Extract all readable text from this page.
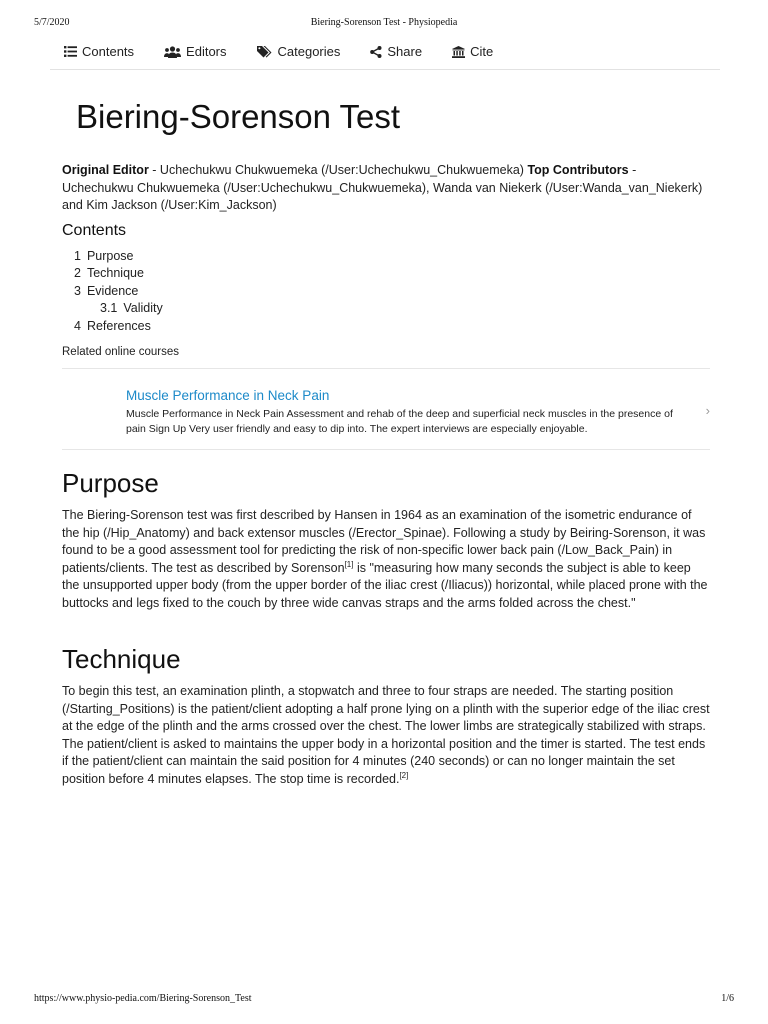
5/7/2020	Biering-Sorenson Test - Physiopedia
Contents	Editors	Categories	Share	Cite
Biering-Sorenson Test
Original Editor - Uchechukwu Chukwuemeka (/User:Uchechukwu_Chukwuemeka) Top Contributors - Uchechukwu Chukwuemeka (/User:Uchechukwu_Chukwuemeka), Wanda van Niekerk (/User:Wanda_van_Niekerk) and Kim Jackson (/User:Kim_Jackson)
Contents
1 Purpose
2 Technique
3 Evidence
3.1 Validity
4 References
Related online courses
Muscle Performance in Neck Pain
Muscle Performance in Neck Pain Assessment and rehab of the deep and superficial neck muscles in the presence of pain Sign Up Very user friendly and easy to dip into. The expert interviews are especially enjoyable.
›
Purpose
The Biering-Sorenson test was first described by Hansen in 1964 as an examination of the isometric endurance of the hip (/Hip_Anatomy) and back extensor muscles (/Erector_Spinae). Following a study by Beiring-Sorenson, it was found to be a good assessment tool for predicting the risk of non-specific lower back pain (/Low_Back_Pain) in patients/clients. The test as described by Sorenson[1] is "measuring how many seconds the subject is able to keep the unsupported upper body (from the upper border of the iliac crest (/Iliacus)) horizontal, while placed prone with the buttocks and legs fixed to the couch by three wide canvas straps and the arms folded across the chest."
Technique
To begin this test, an examination plinth, a stopwatch and three to four straps are needed. The starting position (/Starting_Positions) is the patient/client adopting a half prone lying on a plinth with the superior edge of the iliac crest at the edge of the plinth and the arms crossed over the chest. The lower limbs are strategically stabilized with straps. The patient/client is asked to maintains the upper body in a horizontal position and the timer is started. The test ends if the patient/client can maintain the said position for 4 minutes (240 seconds) or can no longer maintain the set position before 4 minutes elapses. The stop time is recorded.[2]
https://www.physio-pedia.com/Biering-Sorenson_Test	1/6
